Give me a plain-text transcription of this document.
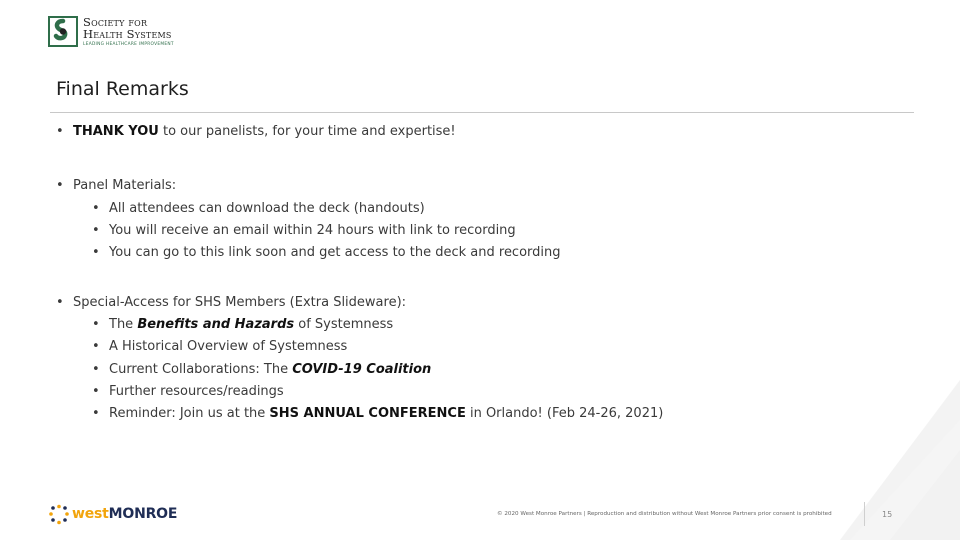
Society for
Health Systems
LEADING HEALTHCARE IMPROVEMENT
Final Remarks
• THANK YOU to our panelists, for your time and expertise!
• Panel Materials:
• All attendees can download the deck (handouts)
• You will receive an email within 24 hours with link to recording
• You can go to this link soon and get access to the deck and recording
• Special-Access for SHS Members (Extra Slideware):
• The Benefits and Hazards of Systemness
• A Historical Overview of Systemness
• Current Collaborations: The COVID-19 Coalition
• Further resources/readings
• Reminder: Join us at the SHS ANNUAL CONFERENCE in Orlando! (Feb 24-26, 2021)
westMONROE	© 2020 West Monroe Partners | Reproduction and distribution without West Monroe Partners prior consent is prohibited	15
